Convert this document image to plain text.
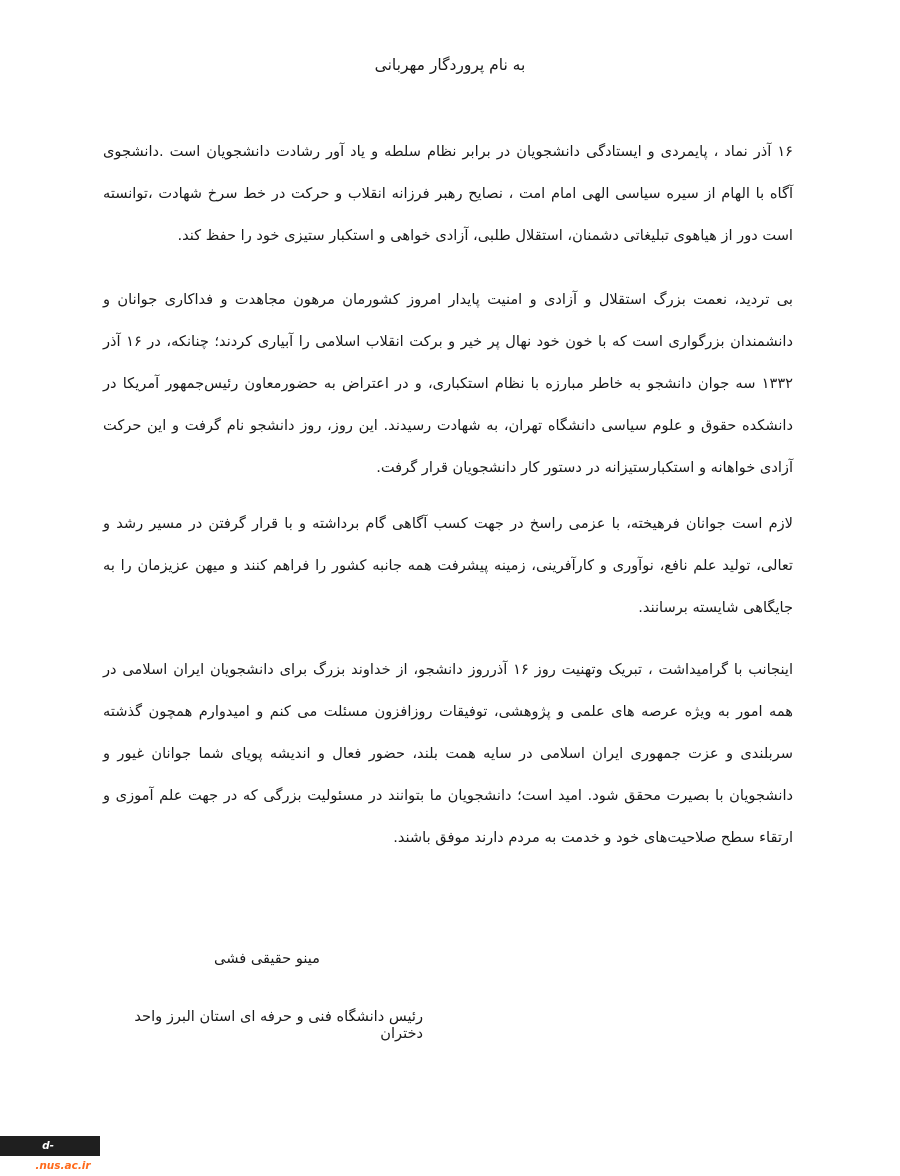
به نام پروردگار مهربانی

۱۶ آذر نماد ، پایمردی و ایستادگی دانشجویان در برابر نظام سلطه و یاد آور رشادت دانشجویان است .دانشجوی آگاه با الهام از سیره سیاسی الهی امام امت ، نصایح رهبر فرزانه انقلاب و حرکت در خط سرخ شهادت ،توانسته است دور از هیاهوی تبلیغاتی دشمنان، استقلال طلبی، آزادی خواهی و استکبار ستیزی خود را حفظ کند.

بی تردید، نعمت بزرگ استقلال و آزادی و امنیت پایدار امروز کشورمان مرهون مجاهدت و فداکاری جوانان و دانشمندان بزرگواری است که با خون خود نهال پر خیر و برکت انقلاب اسلامی را آبیاری کردند؛ چنانکه، در ۱۶ آذر ۱۳۳۲ سه جوان دانشجو به خاطر مبارزه با نظام استکباری، و در اعتراض به حضورمعاون رئیس‌جمهور آمریکا در دانشکده حقوق و علوم سیاسی دانشگاه تهران، به شهادت رسیدند. این روز، روز دانشجو نام گرفت و این حرکت آزادی خواهانه و استکبارستیزانه در دستور کار دانشجویان قرار گرفت.

لازم است جوانان فرهیخته، با عزمی راسخ در جهت کسب آگاهی گام برداشته و با قرار گرفتن در مسیر رشد و تعالی، تولید علم نافع، نوآوری و کارآفرینی، زمینه پیشرفت همه جانبه کشور را فراهم کنند و میهن عزیزمان را به جایگاهی شایسته برسانند.

اینجانب با گرامیداشت ، تبریک وتهنیت روز ۱۶ آذرروز دانشجو، از خداوند بزرگ برای دانشجویان ایران اسلامی در همه امور به ویژه عرصه های علمی و پژوهشی، توفیقات روزافزون مسئلت می کنم و امیدوارم همچون گذشته سربلندی و عزت جمهوری ایران اسلامی در سایه همت بلند، حضور فعال و اندیشه پویای شما جوانان غیور و دانشجویان با بصیرت محقق شود. امید است؛ دانشجویان ما بتوانند در مسئولیت بزرگی که در جهت علم آموزی و ارتقاء سطح صلاحیت‌های خود و خدمت به مردم دارند موفق باشند.

مینو حقیقی فشی
رئیس دانشگاه فنی و حرفه ای استان البرز واحد دختران
d-karaj.nus.ac.ir
